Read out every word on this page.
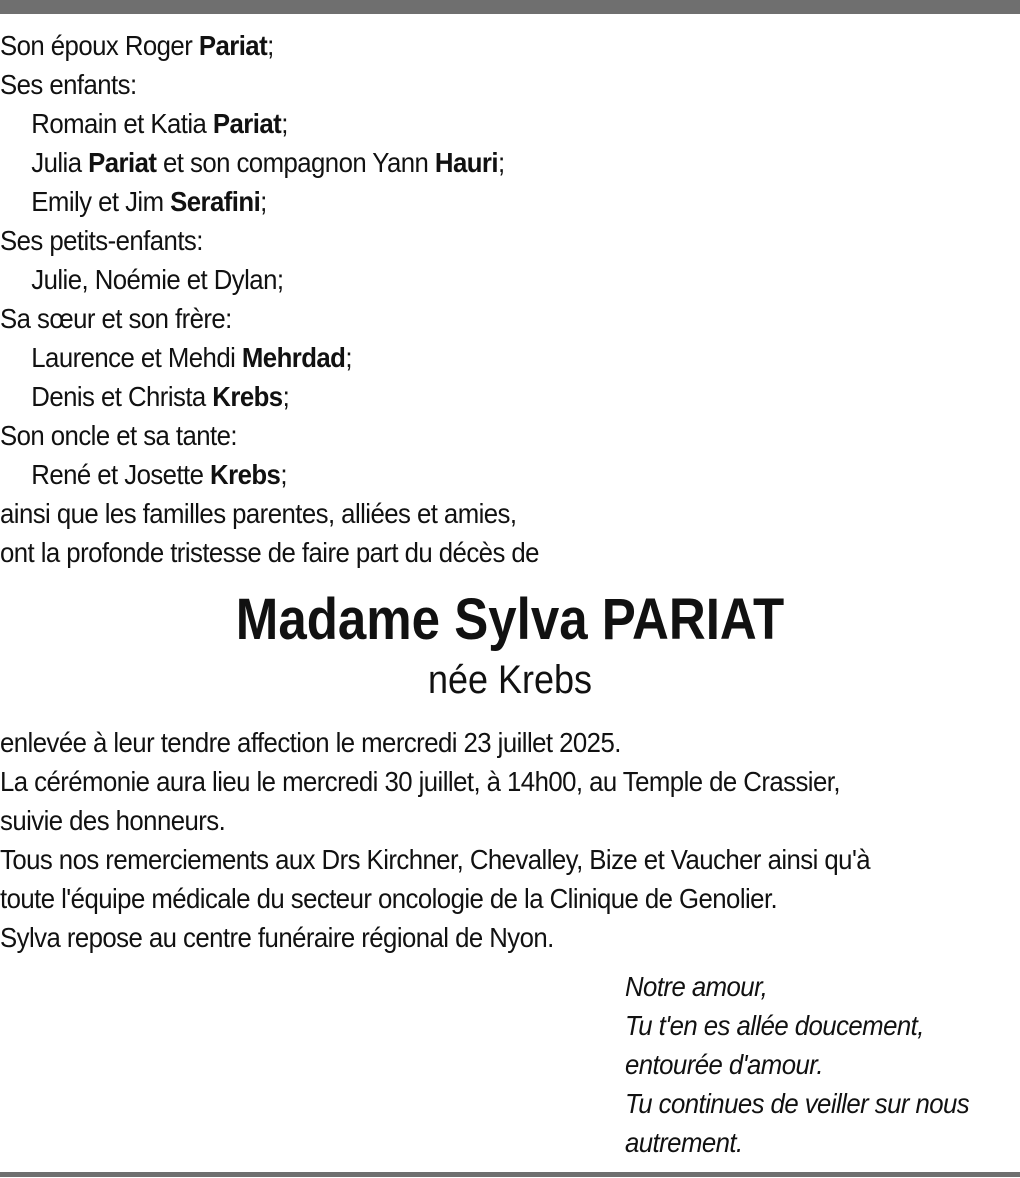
Son époux Roger Pariat;
Ses enfants:
Romain et Katia Pariat;
Julia Pariat et son compagnon Yann Hauri;
Emily et Jim Serafini;
Ses petits-enfants:
Julie, Noémie et Dylan;
Sa sœur et son frère:
Laurence et Mehdi Mehrdad;
Denis et Christa Krebs;
Son oncle et sa tante:
René et Josette Krebs;
ainsi que les familles parentes, alliées et amies,
ont la profonde tristesse de faire part du décès de
Madame Sylva PARIAT
née Krebs
enlevée à leur tendre affection le mercredi 23 juillet 2025.
La cérémonie aura lieu le mercredi 30 juillet, à 14h00, au Temple de Crassier,
suivie des honneurs.
Tous nos remerciements aux Drs Kirchner, Chevalley, Bize et Vaucher ainsi qu'à
toute l'équipe médicale du secteur oncologie de la Clinique de Genolier.
Sylva repose au centre funéraire régional de Nyon.
Notre amour,
Tu t'en es allée doucement,
entourée d'amour.
Tu continues de veiller sur nous
autrement.
